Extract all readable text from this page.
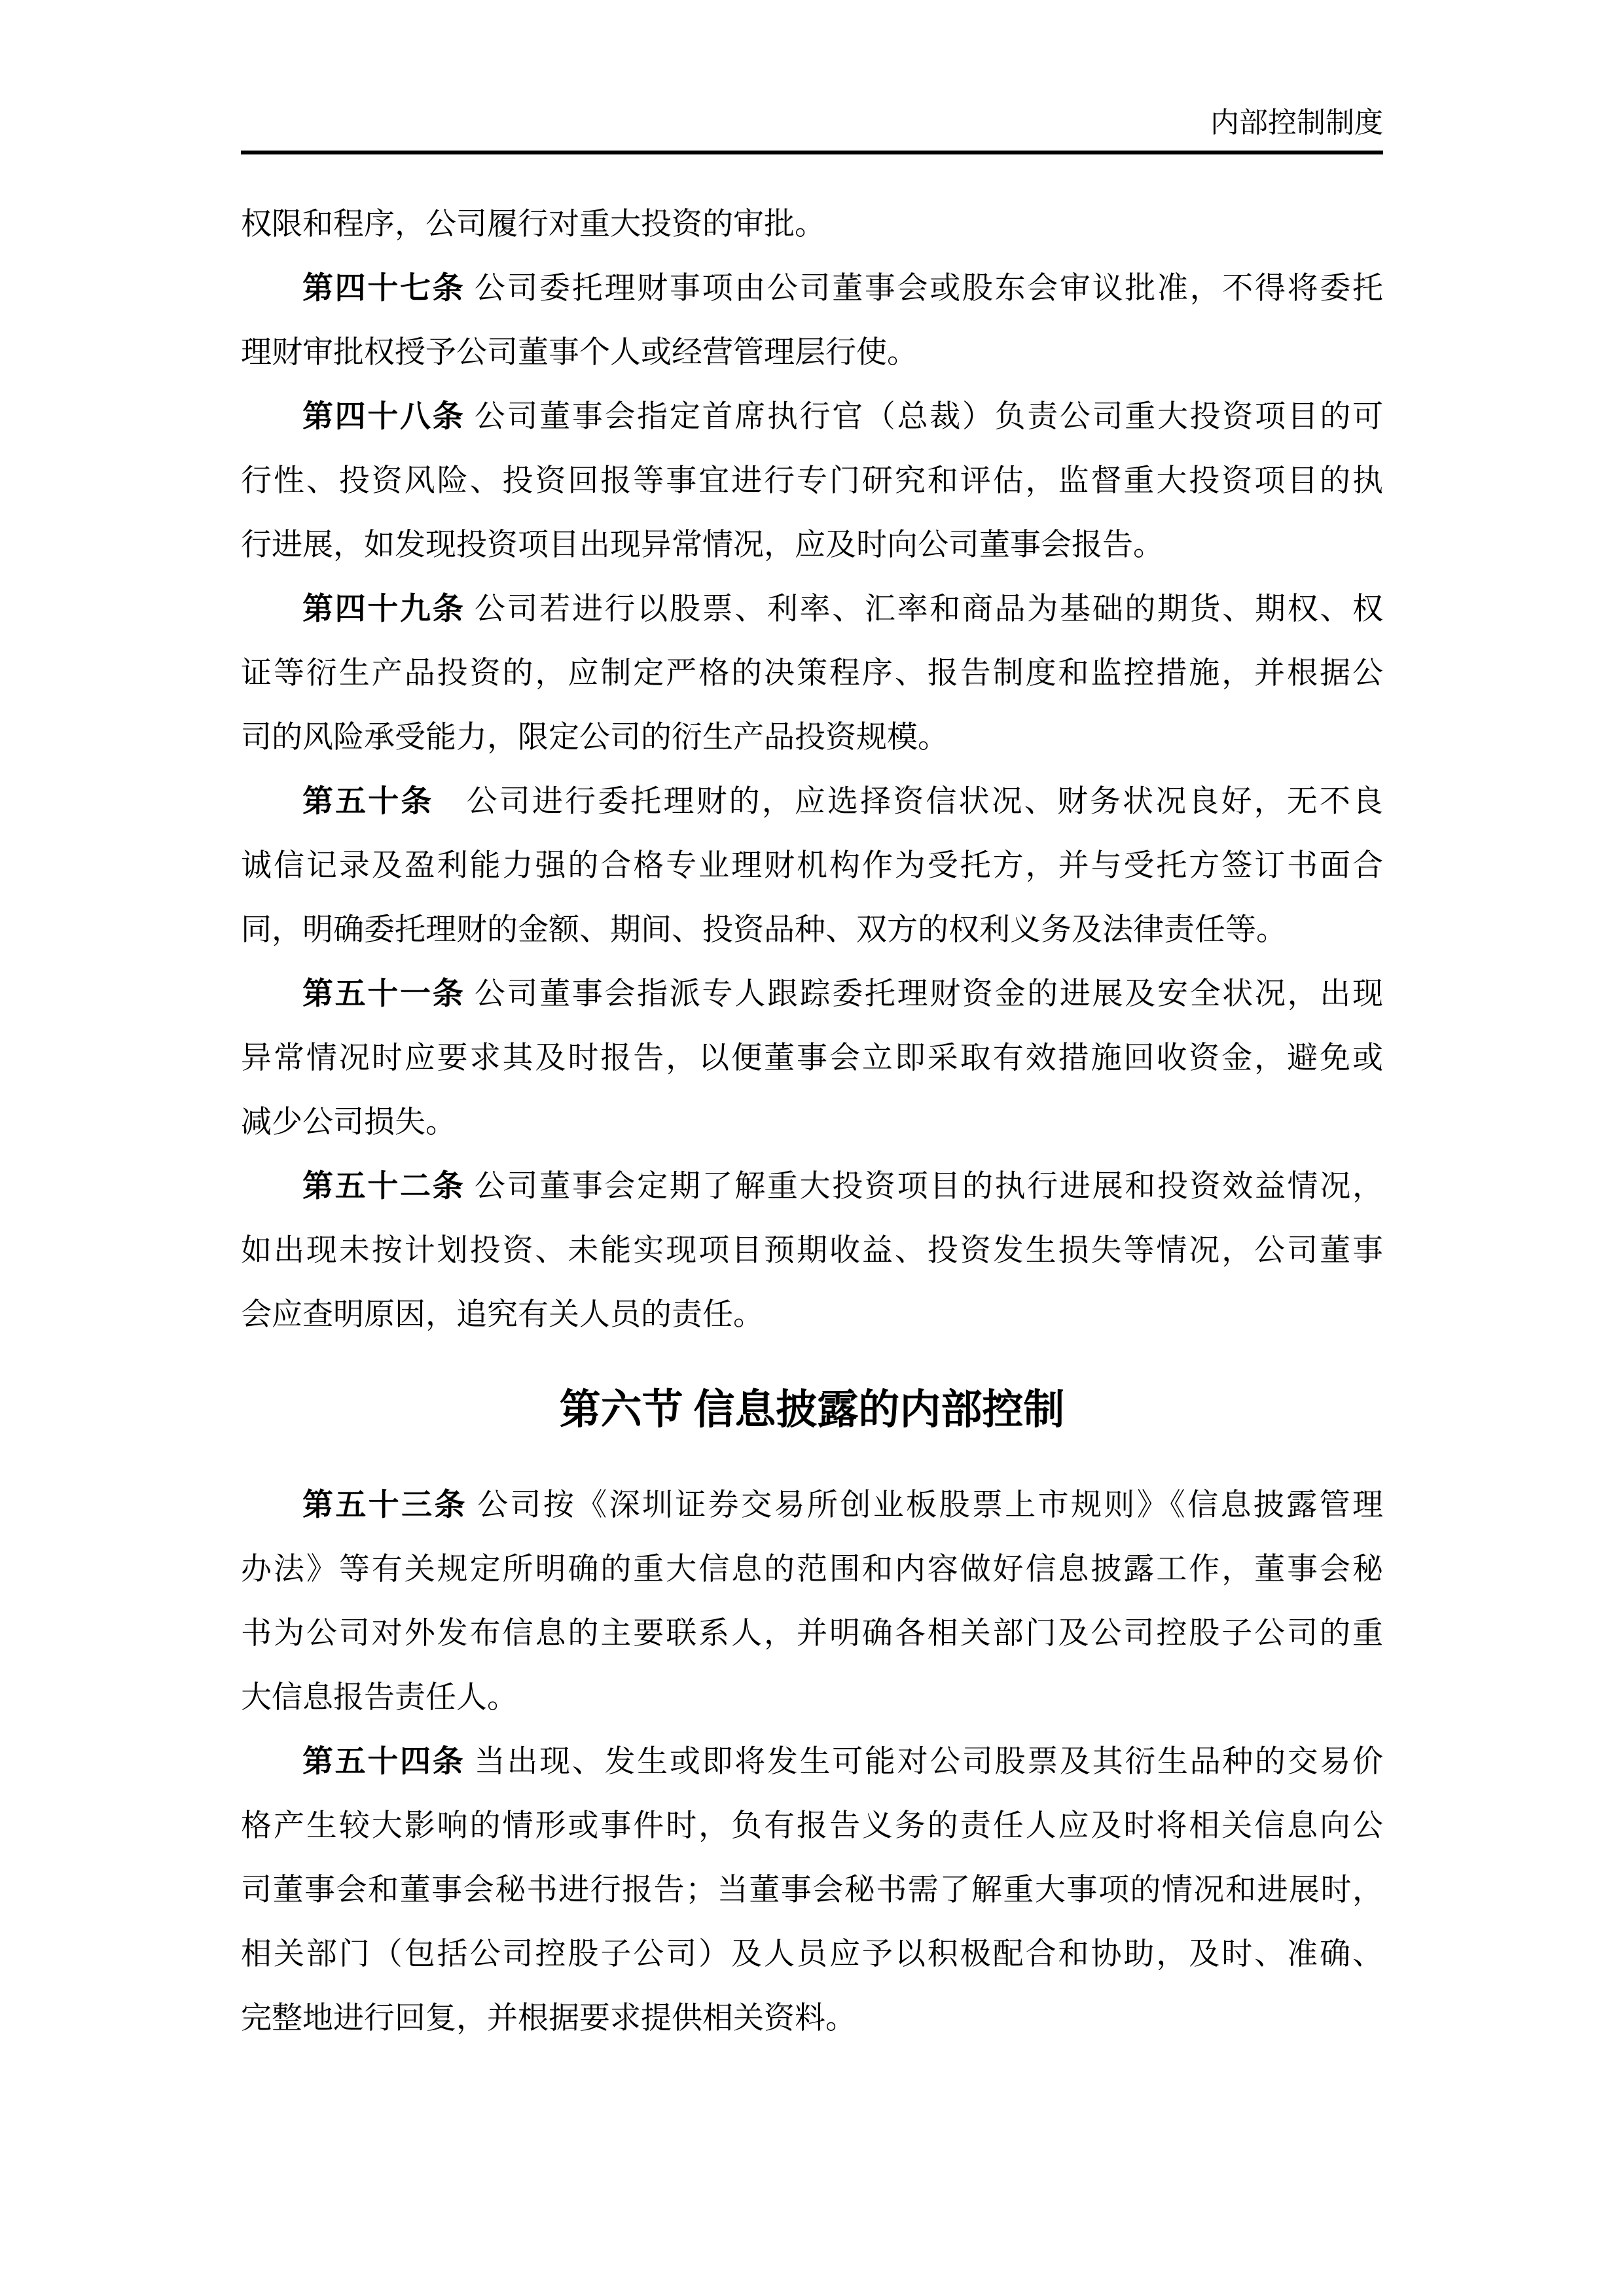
内部控制制度
权限和程序，公司履行对重大投资的审批。
第四十七条 公司委托理财事项由公司董事会或股东会审议批准，不得将委托
理财审批权授予公司董事个人或经营管理层行使。
第四十八条 公司董事会指定首席执行官（总裁）负责公司重大投资项目的可
行性、投资风险、投资回报等事宜进行专门研究和评估，监督重大投资项目的执
行进展，如发现投资项目出现异常情况，应及时向公司董事会报告。
第四十九条 公司若进行以股票、利率、汇率和商品为基础的期货、期权、权
证等衍生产品投资的，应制定严格的决策程序、报告制度和监控措施，并根据公
司的风险承受能力，限定公司的衍生产品投资规模。
第五十条　公司进行委托理财的，应选择资信状况、财务状况良好，无不良
诚信记录及盈利能力强的合格专业理财机构作为受托方，并与受托方签订书面合
同，明确委托理财的金额、期间、投资品种、双方的权利义务及法律责任等。
第五十一条 公司董事会指派专人跟踪委托理财资金的进展及安全状况，出现
异常情况时应要求其及时报告，以便董事会立即采取有效措施回收资金，避免或
减少公司损失。
第五十二条 公司董事会定期了解重大投资项目的执行进展和投资效益情况，
如出现未按计划投资、未能实现项目预期收益、投资发生损失等情况，公司董事
会应查明原因，追究有关人员的责任。
第六节 信息披露的内部控制
第五十三条 公司按《深圳证券交易所创业板股票上市规则》《信息披露管理
办法》等有关规定所明确的重大信息的范围和内容做好信息披露工作，董事会秘
书为公司对外发布信息的主要联系人，并明确各相关部门及公司控股子公司的重
大信息报告责任人。
第五十四条 当出现、发生或即将发生可能对公司股票及其衍生品种的交易价
格产生较大影响的情形或事件时，负有报告义务的责任人应及时将相关信息向公
司董事会和董事会秘书进行报告；当董事会秘书需了解重大事项的情况和进展时，
相关部门（包括公司控股子公司）及人员应予以积极配合和协助，及时、准确、
完整地进行回复，并根据要求提供相关资料。
